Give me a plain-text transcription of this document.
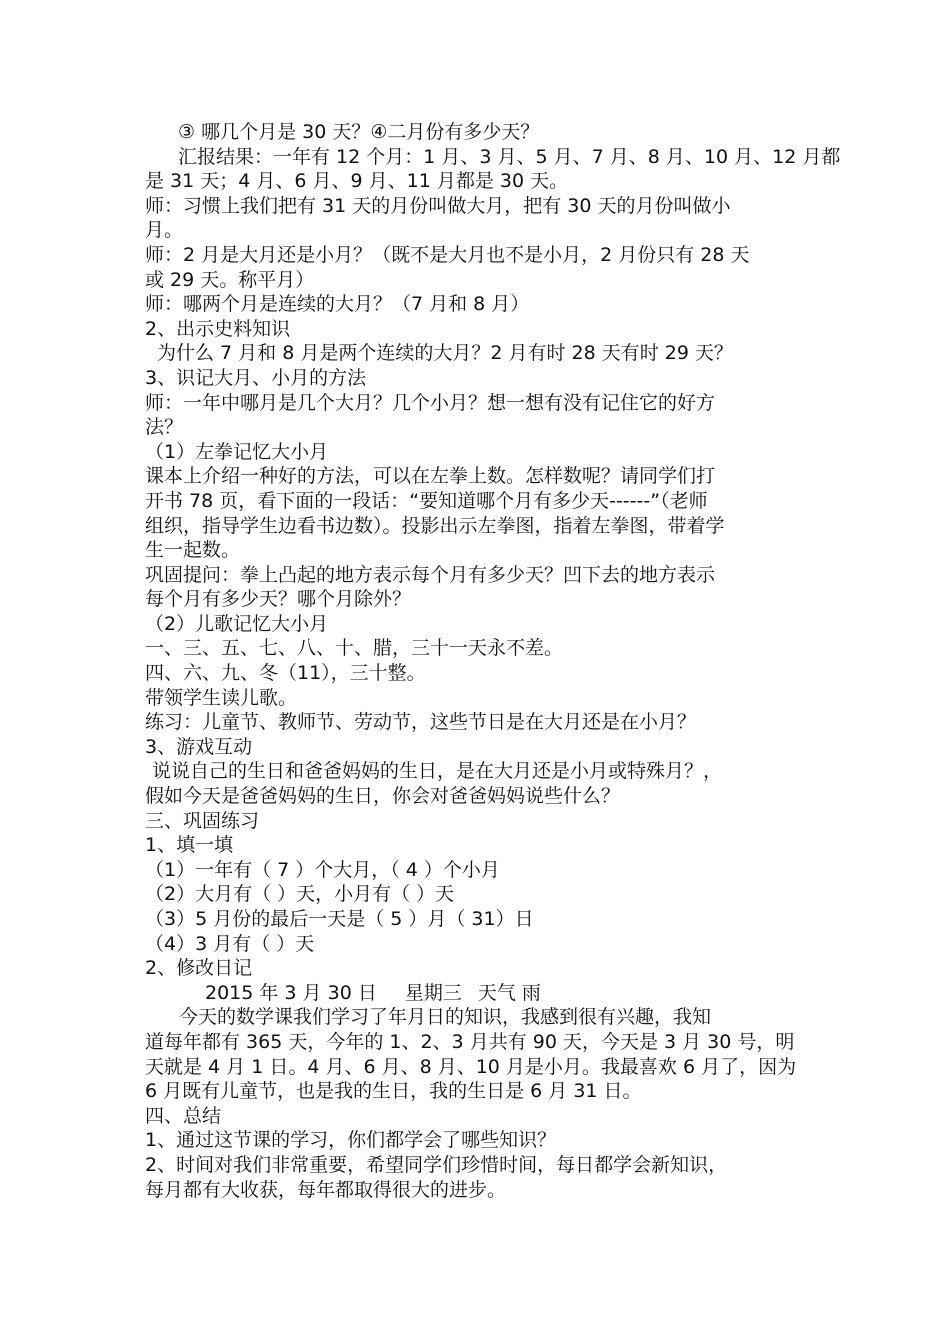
③ 哪几个月是 30 天？④二月份有多少天？
汇报结果：一年有 12 个月：1 月、3 月、5 月、7 月、8 月、10 月、12 月都
是 31 天；4 月、6 月、9 月、11 月都是 30 天。
师：习惯上我们把有 31 天的月份叫做大月，把有 30 天的月份叫做小
月。
师：2 月是大月还是小月？（既不是大月也不是小月，2 月份只有 28 天
或 29 天。称平月）
师：哪两个月是连续的大月？（7 月和 8 月）
2、出示史料知识
为什么 7 月和 8 月是两个连续的大月？2 月有时 28 天有时 29 天？
3、识记大月、小月的方法
师：一年中哪月是几个大月？几个小月？想一想有没有记住它的好方
法？
（1）左拳记忆大小月
课本上介绍一种好的方法，可以在左拳上数。怎样数呢？请同学们打
开书 78 页，看下面的一段话：“要知道哪个月有多少天------”（老师
组织，指导学生边看书边数）。投影出示左拳图，指着左拳图，带着学
生一起数。
巩固提问：拳上凸起的地方表示每个月有多少天？凹下去的地方表示
每个月有多少天？哪个月除外？
（2）儿歌记忆大小月
一、三、五、七、八、十、腊，三十一天永不差。
四、六、九、冬（11），三十整。
带领学生读儿歌。
练习：儿童节、教师节、劳动节，这些节日是在大月还是在小月？
3、游戏互动
说说自己的生日和爸爸妈妈的生日，是在大月还是小月或特殊月？，
假如今天是爸爸妈妈的生日，你会对爸爸妈妈说些什么？
三、巩固练习
1、填一填
（1）一年有（ 7 ）个大月，（ 4 ）个小月
（2）大月有（ ）天，小月有（ ）天
（3）5 月份的最后一天是（ 5 ）月（ 31）日
（4）3 月有（ ）天
2、修改日记
2015 年 3 月 30 日 星期三 天气 雨
今天的数学课我们学习了年月日的知识，我感到很有兴趣，我知
道每年都有 365 天，今年的 1、2、3 月共有 90 天，今天是 3 月 30 号，明
天就是 4 月 1 日。4 月、6 月、8 月、10 月是小月。我最喜欢 6 月了，因为
6 月既有儿童节，也是我的生日，我的生日是 6 月 31 日。
四、总结
1、通过这节课的学习，你们都学会了哪些知识？
2、时间对我们非常重要，希望同学们珍惜时间，每日都学会新知识，
每月都有大收获，每年都取得很大的进步。
